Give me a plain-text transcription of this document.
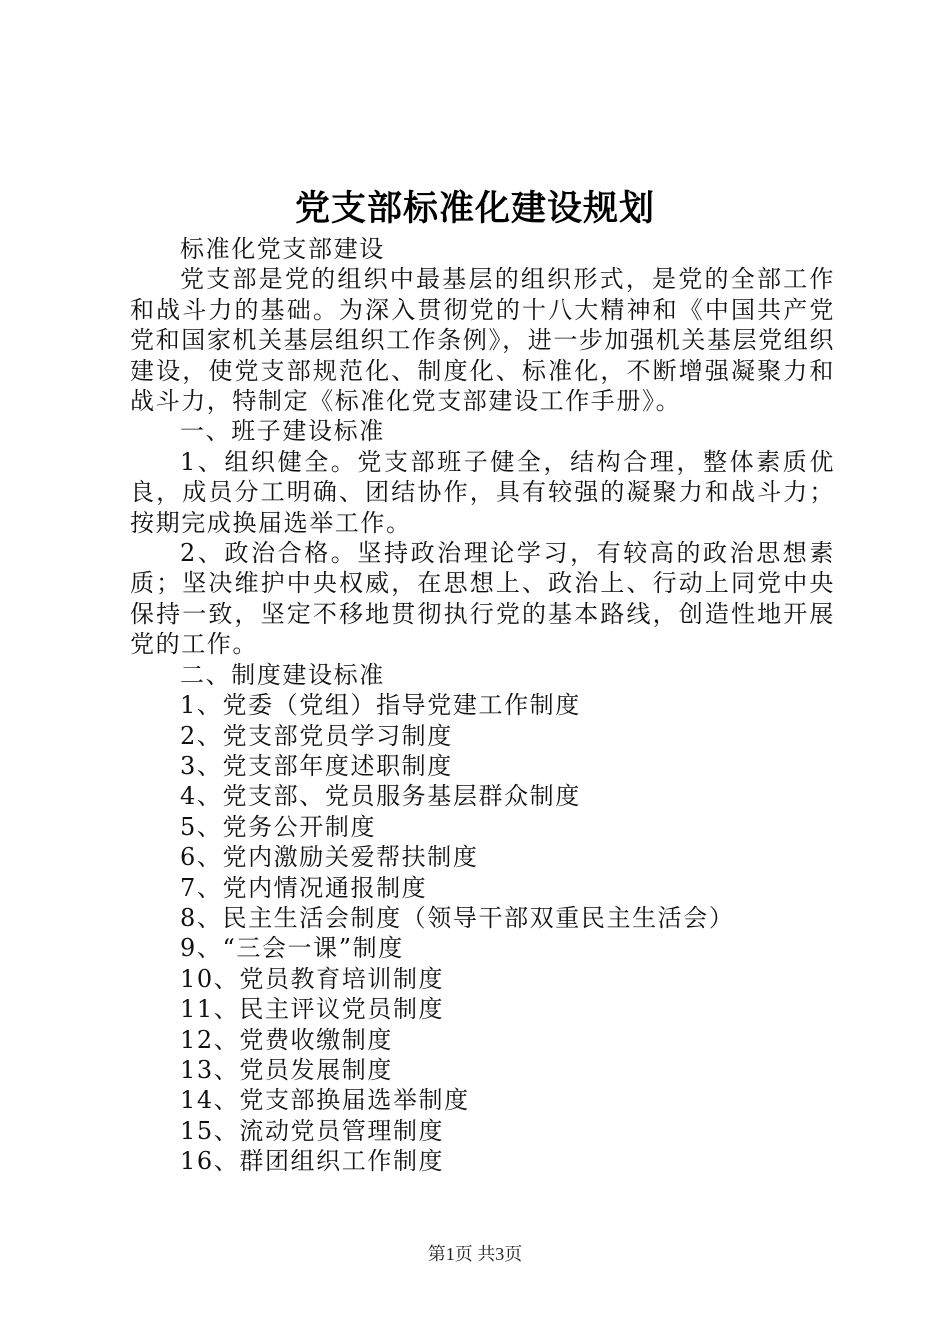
党支部标准化建设规划

标准化党支部建设

党支部是党的组织中最基层的组织形式，是党的全部工作和战斗力的基础。为深入贯彻党的十八大精神和《中国共产党党和国家机关基层组织工作条例》，进一步加强机关基层党组织建设，使党支部规范化、制度化、标准化，不断增强凝聚力和战斗力，特制定《标准化党支部建设工作手册》。

一、班子建设标准

1、组织健全。党支部班子健全，结构合理，整体素质优良，成员分工明确、团结协作，具有较强的凝聚力和战斗力；按期完成换届选举工作。

2、政治合格。坚持政治理论学习，有较高的政治思想素质；坚决维护中央权威，在思想上、政治上、行动上同党中央保持一致，坚定不移地贯彻执行党的基本路线，创造性地开展党的工作。

二、制度建设标准

1、党委（党组）指导党建工作制度

2、党支部党员学习制度

3、党支部年度述职制度

4、党支部、党员服务基层群众制度

5、党务公开制度

6、党内激励关爱帮扶制度

7、党内情况通报制度

8、民主生活会制度（领导干部双重民主生活会）

9、“三会一课”制度

10、党员教育培训制度

11、民主评议党员制度

12、党费收缴制度

13、党员发展制度

14、党支部换届选举制度

15、流动党员管理制度

16、群团组织工作制度

第1页 共3页
